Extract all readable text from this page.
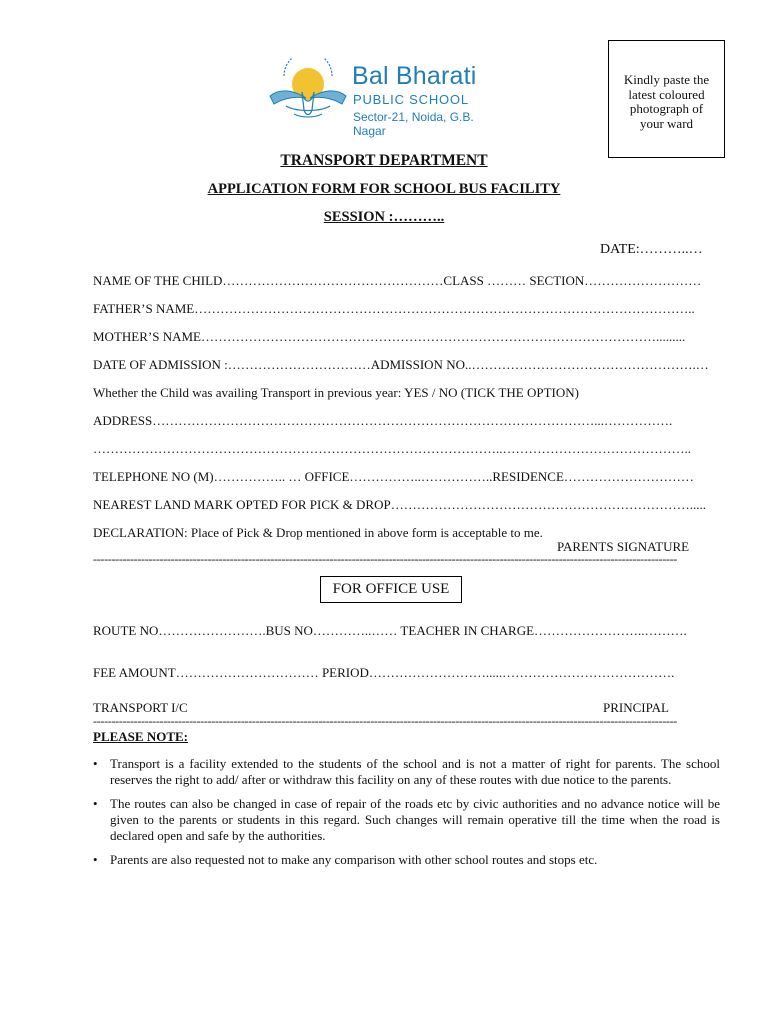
Bal Bharati
PUBLIC SCHOOL
Sector-21, Noida, G.B. Nagar
Kindly paste the
latest coloured
photograph of
your ward
TRANSPORT DEPARTMENT
APPLICATION FORM FOR SCHOOL BUS FACILITY
SESSION :………..
DATE:………..…
NAME OF THE CHILD……………………………………………CLASS ……… SECTION………………………
FATHER’S NAME……………………………………………………………………………………………………..
MOTHER’S NAME…………………………………………………………………………………………….........
DATE OF ADMISSION :……………………………ADMISSION NO..…………………………………………….…
Whether the Child was availing Transport in previous year: YES / NO (TICK THE OPTION)
ADDRESS…………………………………………………………………………………………...…………….
…………………………………………………………………………………..……………………………………..
TELEPHONE NO (M)…………….. … OFFICE……………..……………..RESIDENCE…………………………
NEAREST LAND MARK OPTED FOR PICK & DROP…………………………………………………………….....
DECLARATION: Place of Pick & Drop mentioned in above form is acceptable to me.
PARENTS SIGNATURE
--------------------------------------------------------------------------------------------------------------------------------------------------------------
FOR OFFICE USE
ROUTE NO…………………….BUS NO…………..…… TEACHER IN CHARGE……………………..……….
FEE AMOUNT…………………………… PERIOD……………………….....………………………………….
TRANSPORT I/C	PRINCIPAL
--------------------------------------------------------------------------------------------------------------------------------------------------------------
PLEASE NOTE:
• Transport is a facility extended to the students of the school and is not a matter of right for parents. The school reserves the right to add/ after or withdraw this facility on any of these routes with due notice to the parents.
• The routes can also be changed in case of repair of the roads etc by civic authorities and no advance notice will be given to the parents or students in this regard. Such changes will remain operative till the time when the road is declared open and safe by the authorities.
• Parents are also requested not to make any comparison with other school routes and stops etc.
